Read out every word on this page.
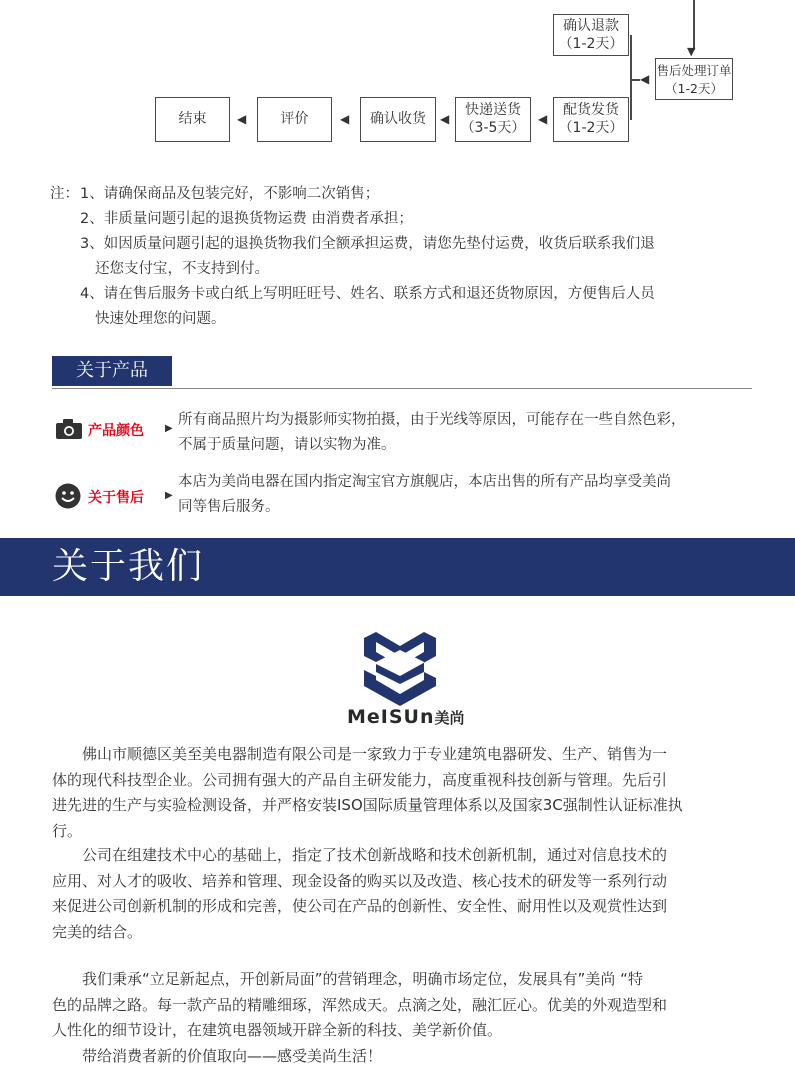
▼
确认退款
（1-2天）
售后处理订单
（1-2天）
◀
配货发货
（1-2天）
◀
快递送货
（3-5天）
◀
确认收货
◀
评价
◀
结束
注： 1、请确保商品及包装完好，不影响二次销售；
2、非质量问题引起的退换货物运费 由消费者承担；
3、如因质量问题引起的退换货物我们全额承担运费，请您先垫付运费，收货后联系我们退
还您支付宝，不支持到付。
4、请在售后服务卡或白纸上写明旺旺号、姓名、联系方式和退还货物原因，方便售后人员
快速处理您的问题。
关于产品
产品颜色 ▶
所有商品照片均为摄影师实物拍摄，由于光线等原因，可能存在一些自然色彩，
不属于质量问题，请以实物为准。
关于售后 ▶
本店为美尚电器在国内指定淘宝官方旗舰店，本店出售的所有产品均享受美尚
同等售后服务。
关于我们
MeISUn美尚
　　佛山市顺德区美至美电器制造有限公司是一家致力于专业建筑电器研发、生产、销售为一
体的现代科技型企业。公司拥有强大的产品自主研发能力，高度重视科技创新与管理。先后引
进先进的生产与实验检测设备，并严格安装ISO国际质量管理体系以及国家3C强制性认证标准执
行。
　　公司在组建技术中心的基础上，指定了技术创新战略和技术创新机制，通过对信息技术的
应用、对人才的吸收、培养和管理、现金设备的购买以及改造、核心技术的研发等一系列行动
来促进公司创新机制的形成和完善，使公司在产品的创新性、安全性、耐用性以及观赏性达到
完美的结合。
　　我们秉承“立足新起点，开创新局面”的营销理念，明确市场定位，发展具有”美尚 “特
色的品牌之路。每一款产品的精雕细琢，浑然成天。点滴之处，融汇匠心。优美的外观造型和
人性化的细节设计，在建筑电器领域开辟全新的科技、美学新价值。
　　带给消费者新的价值取向——感受美尚生活！
